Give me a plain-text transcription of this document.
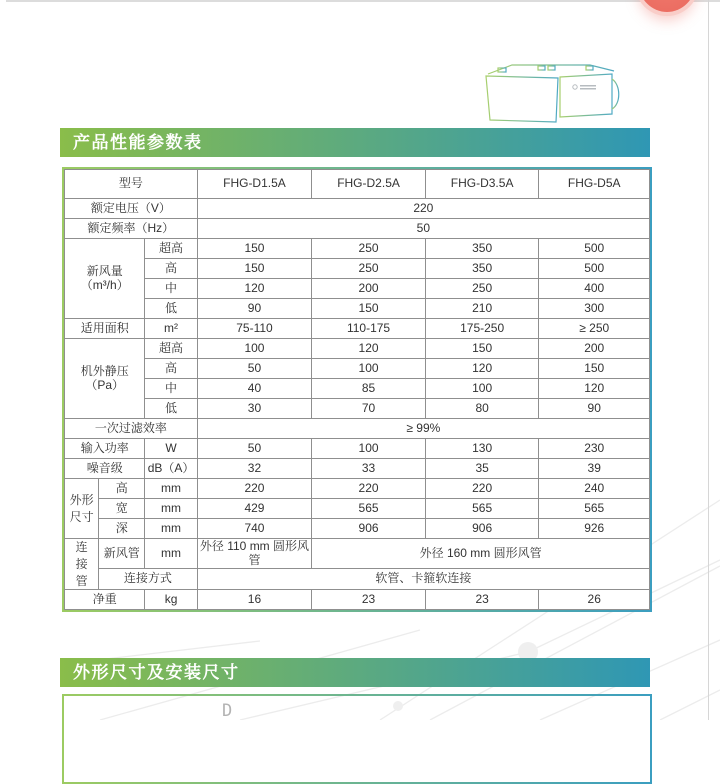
产品性能参数表
型号			FHG-D1.5A	FHG-D2.5A	FHG-D3.5A	FHG-D5A
额定电压（V）			220			
额定频率（Hz）			50			
新风量（m³/h）		超高	150	250	350	500
		高	150	250	350	500
		中	120	200	250	400
		低	90	150	210	300
适用面积		m²	75-110	110-175	175-250	≥ 250
机外静压（Pa）		超高	100	120	150	200
		高	50	100	120	150
		中	40	85	100	120
		低	30	70	80	90
一次过滤效率			≥ 99%			
输入功率		W	50	100	130	230
噪音级		dB（A）	32	33	35	39
外形尺寸	高	mm	220	220	220	240
	宽	mm	429	565	565	565
	深	mm	740	906	906	926
连接管	新风管	mm	外径 110 mm 圆形风管	外径 160 mm 圆形风管		
	连接方式		软管、卡箍软连接			
净重		kg	16	23	23	26
外形尺寸及安装尺寸
D
